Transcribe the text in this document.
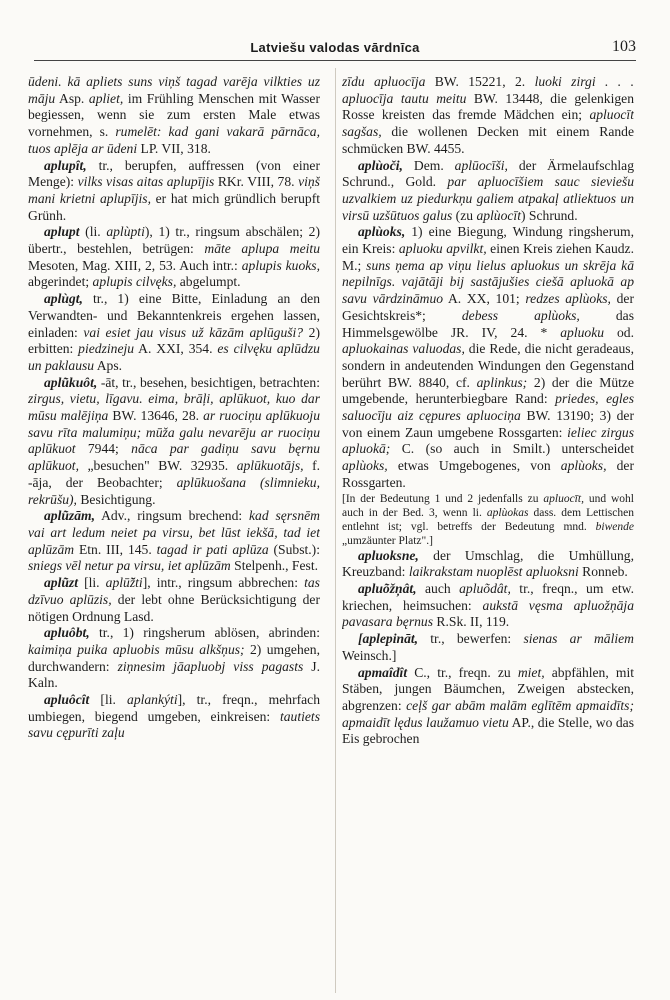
Latviešu valodas vārdnīca	103

ūdeni. kā apliets suns viņš tagad varēja vilkties uz māju Asp. apliet, im Frühling Menschen mit Wasser begiessen, wenn sie zum ersten Male etwas vornehmen, s. rumelēt: kad gani vakarā pārnāca, tuos aplēja ar ūdeni LP. VII, 318.

aplupît, tr., berupfen, auffressen (von einer Menge): vilks visas aitas aplupījis RKr. VIII, 78. viņš mani krietni aplupījis, er hat mich gründlich berupft Grünh.

aplupt (li. aplùpti), 1) tr., ringsum abschälen; 2) übertr., bestehlen, betrügen: māte aplupa meitu Mesoten, Mag. XIII, 2, 53. Auch intr.: aplupis kuoks, abgerindet; aplupis cilvęks, abgelumpt.

aplùgt, tr., 1) eine Bitte, Einladung an den Verwandten- und Bekanntenkreis ergehen lassen, einladen: vai esiet jau visus už kāzām aplūguši? 2) erbitten: piedzineju A. XXI, 354. es cilvęku aplūdzu un paklausu Aps.

aplũkuôt, -āt, tr., besehen, besichtigen, betrachten: zirgus, vietu, līgavu. eima, brāļi, aplūkuot, kuo dar mūsu malējiņa BW. 13646, 28. ar ruociņu aplūkuoju savu rīta malumiņu; mūža galu nevarēju ar ruociņu aplūkuot 7944; nāca par gadiņu savu bęrnu aplūkuot, „besuchen" BW. 32935. aplūkuotājs, f. -āja, der Beobachter; aplūkuošana (slimnieku, rekrūšu), Besichtigung.

aplũzām, Adv., ringsum brechend: kad sęrsnēm vai art ledum neiet pa virsu, bet lūst iekšā, tad iet aplūzām Etn. III, 145. tagad ir pati aplūza (Subst.): sniegs vēl netur pa virsu, iet aplūzām Stelpenh., Fest.

aplũzt [li. aplū̃žti], intr., ringsum abbrechen: tas dzīvuo aplūzis, der lebt ohne Berücksichtigung der nötigen Ordnung Lasd.

apluôbt, tr., 1) ringsherum ablösen, abrinden: kaimiņa puika apluobis mūsu alkšņus; 2) umgehen, durchwandern: ziņnesim jāapluobj viss pagasts J. Kaln.

apluôcît [li. aplankýti], tr., freqn., mehrfach umbiegen, biegend umgeben, einkreisen: tautiets savu cępurīti zaļu

zīdu apluocīja BW. 15221, 2. luoki zirgi . . . apluocīja tautu meitu BW. 13448, die gelenkigen Rosse kreisten das fremde Mädchen ein; apluocīt sagšas, die wollenen Decken mit einem Rande schmücken BW. 4455.

aplùoči, Dem. aplūocīši, der Ärmelaufschlag Schrund., Gold. par apluocīšiem sauc sieviešu uzvalkiem uz piedurkņu galiem atpakaļ atliektuos un virsū uzšūtuos galus (zu aplùocīt) Schrund.

aplùoks, 1) eine Biegung, Windung ringsherum, ein Kreis: apluoku apvilkt, einen Kreis ziehen Kaudz. M.; suns ņema ap viņu lielus apluokus un skrēja kā nepilnīgs. vajātāji bij sastājušies ciešā apluokā ap savu vārdzināmuo A. XX, 101; redzes aplùoks, der Gesichtskreis*; debess aplùoks, das Himmelsgewölbe JR. IV, 24. * apluoku od. apluokainas valuodas, die Rede, die nicht geradeaus, sondern in andeutenden Windungen den Gegenstand berührt BW. 8840, cf. aplinkus; 2) der die Mütze umgebende, herunterbiegbare Rand: priedes, egles saluocīju aiz cępures apluociņa BW. 13190; 3) der von einem Zaun umgebene Rossgarten: ieliec zirgus apluokā; C. (so auch in Smilt.) unterscheidet aplùoks, etwas Umgebogenes, von aplùoks, der Rossgarten.

[In der Bedeutung 1 und 2 jedenfalls zu apluocīt, und wohl auch in der Bed. 3, wenn li. aplùokas dass. dem Lettischen entlehnt ist; vgl. betreffs der Bedeutung mnd. biwende „umzäunter Platz".]

apluoksne, der Umschlag, die Umhüllung, Kreuzband: laikrakstam nuoplēst apluoksni Ronneb.

apluõžņât, auch apluõdât, tr., freqn., um etw. kriechen, heimsuchen: aukstā vęsma apluožņāja pavasara bęrnus R.Sk. II, 119.

[aplepināt, tr., bewerfen: sienas ar māliem Weinsch.]

apmaîdît C., tr., freqn. zu miet, abpfählen, mit Stäben, jungen Bäumchen, Zweigen abstecken, abgrenzen: ceļš gar abām malām eglītēm apmaidīts; apmaidīt lędus laužamuo vietu AP., die Stelle, wo das Eis gebrochen
